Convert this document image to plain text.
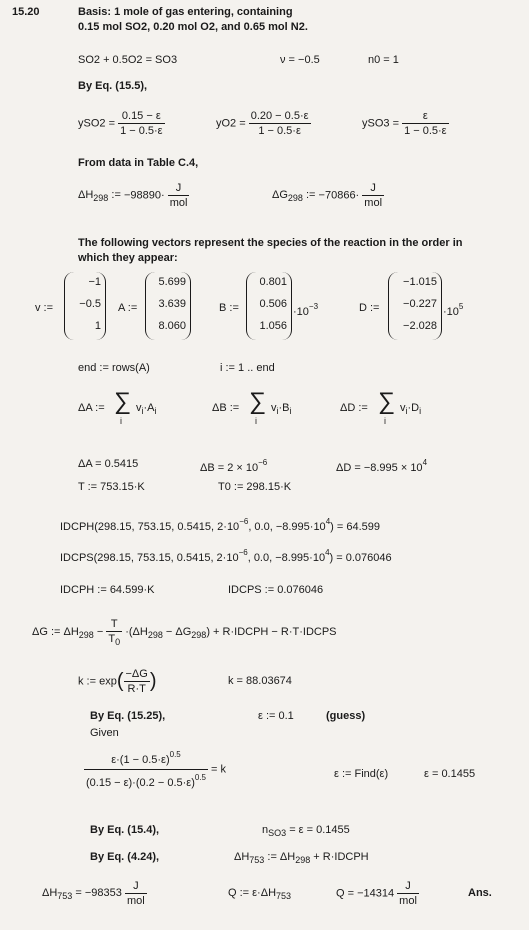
15.20	Basis: 1 mole of gas entering, containing
0.15 mol SO2, 0.20 mol O2, and 0.65 mol N2.
SO2 + 0.5O2 = SO3	ν = −0.5	n0 = 1
By Eq. (15.5),
$ySO2 = \frac{0.15 - \varepsilon}{1 - 0.5\cdot\varepsilon}$	$yO2 = \frac{0.20 - 0.5\cdot\varepsilon}{1 - 0.5\cdot\varepsilon}$	$ySO3 = \frac{\varepsilon}{1 - 0.5\cdot\varepsilon}$
From data in Table C.4,
$\Delta H_{298}$ := $-98890\cdot \frac{J}{\text{mol}}$	$\Delta G_{298}$ := $-70866\cdot \frac{J}{\text{mol}}$
The following vectors represent the species of the reaction in the order in
which they appear:
v :=
−1
−0.5
1
A :=
5.699
3.639
8.060
B :=
0.801
0.506
1.056
$\cdot 10^{-3}$	D :=
−1.015
−0.227
−2.028
$\cdot 10^5$
end := rows(A)	i := 1 .. end
ΔA := ∑
i
$v_i\cdot A_i$	ΔB := ∑
i
$v_i\cdot B_i$	ΔD := ∑
i
$v_i\cdot D_i$
ΔA = 0.5415	$\Delta B = 2 \times 10^{-6}$	$\Delta D = -8.995 \times 10^4$
T := 753.15·K	T0 := 298.15·K
IDCPH(298.15, 753.15, 0.5415, $2\cdot 10^{-6}$, 0.0, $-8.995\cdot 10^4) = 64.599$
IDCPS(298.15, 753.15, 0.5415, $2\cdot 10^{-6}$, 0.0, $-8.995\cdot 10^4) = 0.076046$
IDCPH := 64.599·K	IDCPS := 0.076046
ΔG := $\Delta H_{298} - \frac{T}{T_0} \cdot(\Delta H_{298} - \Delta G_{298})$ + R·IDCPH − R·T·IDCPS
k := $\exp( \frac{-\Delta G}{R\cdot T}$ )	k = 88.03674
By Eq. (15.25),	ε := 0.1	(guess)
Given
$\frac{\varepsilon\cdot(1 - 0.5\cdot\varepsilon)^{0.5}}{(0.15 - \varepsilon)\cdot(0.2 - 0.5\cdot\varepsilon)^{0.5}} = k$	ε := Find(ε)	ε = 0.1455
By Eq. (15.4),	$n_{SO3} = \varepsilon = 0.1455$
By Eq. (4.24),	$\Delta H_{753}$ := $\Delta H_{298}$ + R·IDCPH
$\Delta H_{753} = -98353 \frac{J}{\text{mol}}$	Q := $\varepsilon\cdot\Delta H_{753}$	$Q = -14314 \frac{J}{\text{mol}}$	Ans.
